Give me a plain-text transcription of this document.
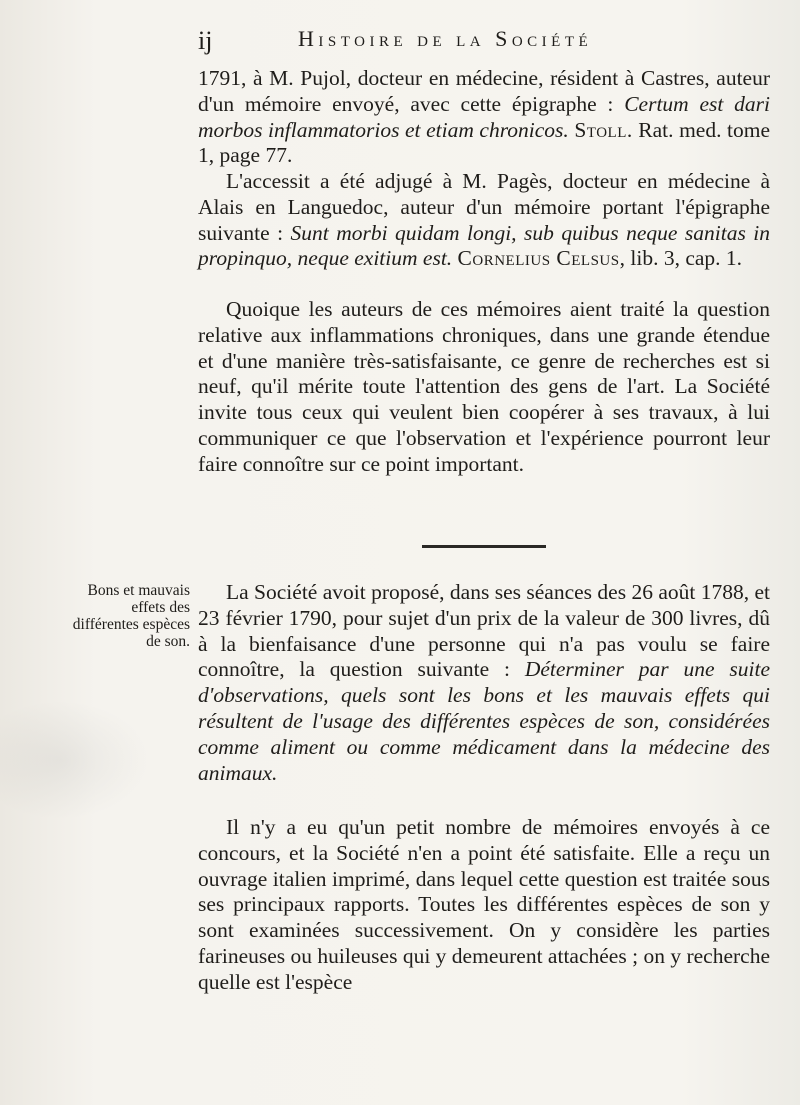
ij	Histoire de la Société

1791, à M. Pujol, docteur en médecine, résident à Castres, auteur d'un mémoire envoyé, avec cette épigraphe : Certum est dari morbos inflammatorios et etiam chronicos. Stoll. Rat. med. tome 1, page 77.

L'accessit a été adjugé à M. Pagès, docteur en médecine à Alais en Languedoc, auteur d'un mémoire portant l'épigraphe suivante : Sunt morbi quidam longi, sub quibus neque sanitas in propinquo, neque exitium est. Cornelius Celsus, lib. 3, cap. 1.

Quoique les auteurs de ces mémoires aient traité la question relative aux inflammations chroniques, dans une grande étendue et d'une manière très-satisfaisante, ce genre de recherches est si neuf, qu'il mérite toute l'attention des gens de l'art. La Société invite tous ceux qui veulent bien coopérer à ses travaux, à lui communiquer ce que l'observation et l'expérience pourront leur faire connoître sur ce point important.

Bons et mauvais effets des différentes espèces de son.

La Société avoit proposé, dans ses séances des 26 août 1788, et 23 février 1790, pour sujet d'un prix de la valeur de 300 livres, dû à la bienfaisance d'une personne qui n'a pas voulu se faire connoître, la question suivante : Déterminer par une suite d'observations, quels sont les bons et les mauvais effets qui résultent de l'usage des différentes espèces de son, considérées comme aliment ou comme médicament dans la médecine des animaux.

Il n'y a eu qu'un petit nombre de mémoires envoyés à ce concours, et la Société n'en a point été satisfaite. Elle a reçu un ouvrage italien imprimé, dans lequel cette question est traitée sous ses principaux rapports. Toutes les différentes espèces de son y sont examinées successivement. On y considère les parties farineuses ou huileuses qui y demeurent attachées ; on y recherche quelle est l'espèce
